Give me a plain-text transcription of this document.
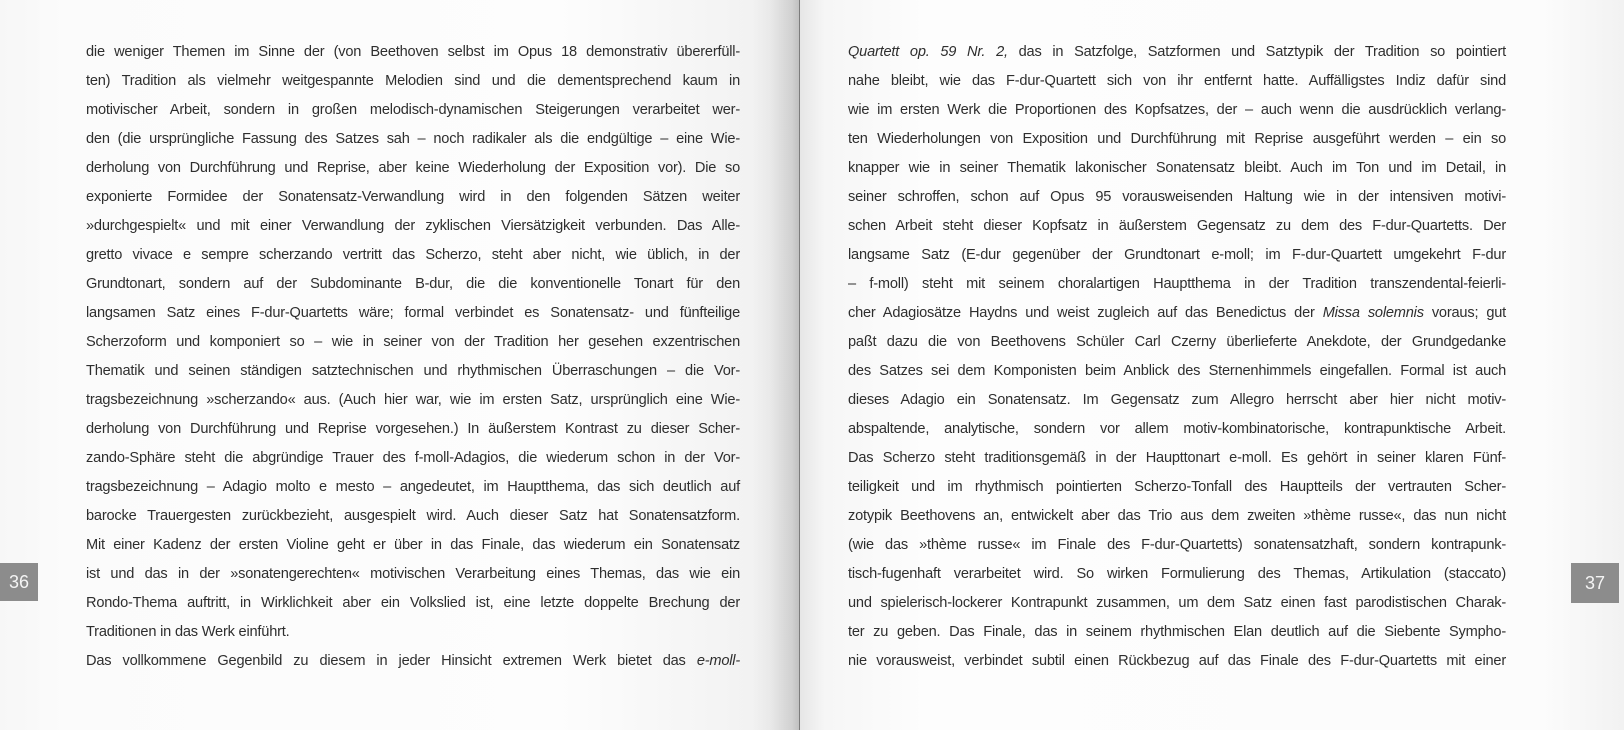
die weniger Themen im Sinne der (von Beethoven selbst im Opus 18 demonstrativ übererfüll-
ten) Tradition als vielmehr weitgespannte Melodien sind und die dementsprechend kaum in
motivischer Arbeit, sondern in großen melodisch-dynamischen Steigerungen verarbeitet wer-
den (die ursprüngliche Fassung des Satzes sah – noch radikaler als die endgültige – eine Wie-
derholung von Durchführung und Reprise, aber keine Wiederholung der Exposition vor). Die so
exponierte Formidee der Sonatensatz-Verwandlung wird in den folgenden Sätzen weiter
»durchgespielt« und mit einer Verwandlung der zyklischen Viersätzigkeit verbunden. Das Alle-
gretto vivace e sempre scherzando vertritt das Scherzo, steht aber nicht, wie üblich, in der
Grundtonart, sondern auf der Subdominante B-dur, die die konventionelle Tonart für den
langsamen Satz eines F-dur-Quartetts wäre; formal verbindet es Sonatensatz- und fünfteilige
Scherzoform und komponiert so – wie in seiner von der Tradition her gesehen exzentrischen
Thematik und seinen ständigen satztechnischen und rhythmischen Überraschungen – die Vor-
tragsbezeichnung »scherzando« aus. (Auch hier war, wie im ersten Satz, ursprünglich eine Wie-
derholung von Durchführung und Reprise vorgesehen.) In äußerstem Kontrast zu dieser Scher-
zando-Sphäre steht die abgründige Trauer des f-moll-Adagios, die wiederum schon in der Vor-
tragsbezeichnung – Adagio molto e mesto – angedeutet, im Hauptthema, das sich deutlich auf
barocke Trauergesten zurückbezieht, ausgespielt wird. Auch dieser Satz hat Sonatensatzform.
Mit einer Kadenz der ersten Violine geht er über in das Finale, das wiederum ein Sonatensatz
ist und das in der »sonatengerechten« motivischen Verarbeitung eines Themas, das wie ein
Rondo-Thema auftritt, in Wirklichkeit aber ein Volkslied ist, eine letzte doppelte Brechung der
Traditionen in das Werk einführt.
Das vollkommene Gegenbild zu diesem in jeder Hinsicht extremen Werk bietet das e-moll-
36
Quartett op. 59 Nr. 2, das in Satzfolge, Satzformen und Satztypik der Tradition so pointiert
nahe bleibt, wie das F-dur-Quartett sich von ihr entfernt hatte. Auffälligstes Indiz dafür sind
wie im ersten Werk die Proportionen des Kopfsatzes, der – auch wenn die ausdrücklich verlang-
ten Wiederholungen von Exposition und Durchführung mit Reprise ausgeführt werden – ein so
knapper wie in seiner Thematik lakonischer Sonatensatz bleibt. Auch im Ton und im Detail, in
seiner schroffen, schon auf Opus 95 vorausweisenden Haltung wie in der intensiven motivi-
schen Arbeit steht dieser Kopfsatz in äußerstem Gegensatz zu dem des F-dur-Quartetts. Der
langsame Satz (E-dur gegenüber der Grundtonart e-moll; im F-dur-Quartett umgekehrt F-dur
– f-moll) steht mit seinem choralartigen Hauptthema in der Tradition transzendental-feierli-
cher Adagiosätze Haydns und weist zugleich auf das Benedictus der Missa solemnis voraus; gut
paßt dazu die von Beethovens Schüler Carl Czerny überlieferte Anekdote, der Grundgedanke
des Satzes sei dem Komponisten beim Anblick des Sternenhimmels eingefallen. Formal ist auch
dieses Adagio ein Sonatensatz. Im Gegensatz zum Allegro herrscht aber hier nicht motiv-
abspaltende, analytische, sondern vor allem motiv-kombinatorische, kontrapunktische Arbeit.
Das Scherzo steht traditionsgemäß in der Haupttonart e-moll. Es gehört in seiner klaren Fünf-
teiligkeit und im rhythmisch pointierten Scherzo-Tonfall des Hauptteils der vertrauten Scher-
zotypik Beethovens an, entwickelt aber das Trio aus dem zweiten »thème russe«, das nun nicht
(wie das »thème russe« im Finale des F-dur-Quartetts) sonatensatzhaft, sondern kontrapunk-
tisch-fugenhaft verarbeitet wird. So wirken Formulierung des Themas, Artikulation (staccato)
und spielerisch-lockerer Kontrapunkt zusammen, um dem Satz einen fast parodistischen Charak-
ter zu geben. Das Finale, das in seinem rhythmischen Elan deutlich auf die Siebente Sympho-
nie vorausweist, verbindet subtil einen Rückbezug auf das Finale des F-dur-Quartetts mit einer
37
